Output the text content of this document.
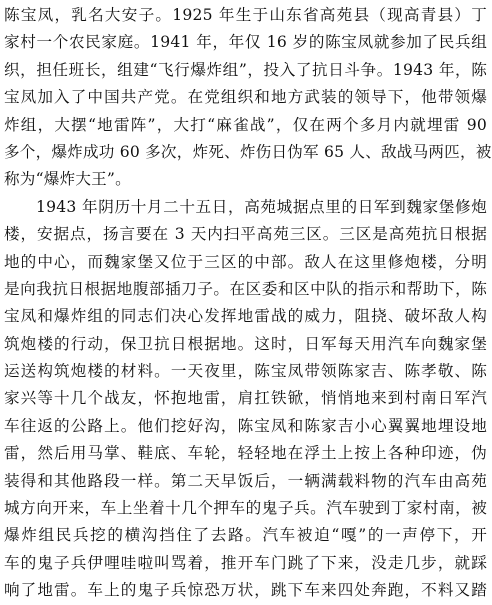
陈宝凤，乳名大安子。1925 年生于山东省高苑县（现高青县）丁
家村一个农民家庭。1941 年，年仅 16 岁的陈宝凤就参加了民兵组
织，担任班长，组建“飞行爆炸组”，投入了抗日斗争。1943 年，陈
宝凤加入了中国共产党。在党组织和地方武装的领导下，他带领爆
炸组，大摆“地雷阵”，大打“麻雀战”，仅在两个多月内就埋雷 90
多个，爆炸成功 60 多次，炸死、炸伤日伪军 65 人、敌战马两匹，被
称为“爆炸大王”。
1943 年阴历十月二十五日，高苑城据点里的日军到魏家堡修炮
楼，安据点，扬言要在 3 天内扫平高苑三区。三区是高苑抗日根据
地的中心，而魏家堡又位于三区的中部。敌人在这里修炮楼，分明
是向我抗日根据地腹部插刀子。在区委和区中队的指示和帮助下，陈
宝凤和爆炸组的同志们决心发挥地雷战的威力，阻挠、破坏敌人构
筑炮楼的行动，保卫抗日根据地。这时，日军每天用汽车向魏家堡
运送构筑炮楼的材料。一天夜里，陈宝凤带领陈家吉、陈孝敬、陈
家兴等十几个战友，怀抱地雷，肩扛铁锨，悄悄地来到村南日军汽
车往返的公路上。他们挖好沟，陈宝凤和陈家吉小心翼翼地埋设地
雷，然后用马掌、鞋底、车轮，轻轻地在浮土上按上各种印迹，伪
装得和其他路段一样。第二天早饭后，一辆满载料物的汽车由高苑
城方向开来，车上坐着十几个押车的鬼子兵。汽车驶到丁家村南，被
爆炸组民兵挖的横沟挡住了去路。汽车被迫“嘎”的一声停下，开
车的鬼子兵伊哩哇啦叫骂着，推开车门跳了下来，没走几步，就踩
响了地雷。车上的鬼子兵惊恐万状，跳下车来四处奔跑，不料又踏
